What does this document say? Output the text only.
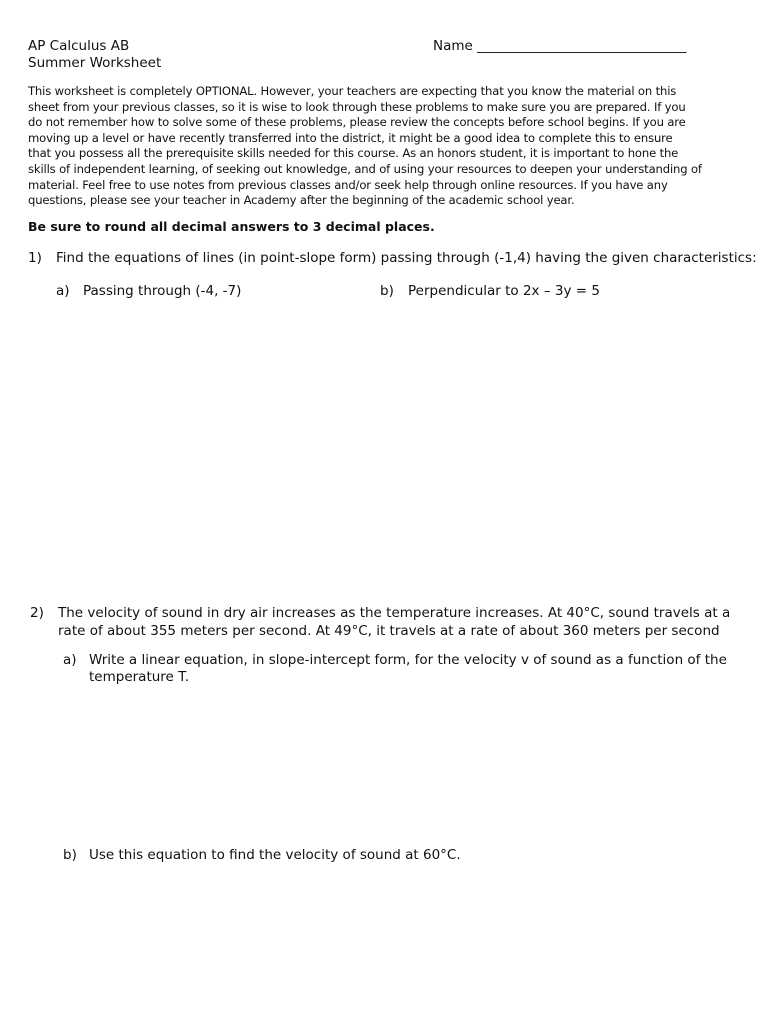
AP Calculus AB
Summer Worksheet
Name _______________________________

This worksheet is completely OPTIONAL. However, your teachers are expecting that you know the material on this

sheet from your previous classes, so it is wise to look through these problems to make sure you are prepared. If you

do not remember how to solve some of these problems, please review the concepts before school begins. If you are

moving up a level or have recently transferred into the district, it might be a good idea to complete this to ensure

that you possess all the prerequisite skills needed for this course. As an honors student, it is important to hone the

skills of independent learning, of seeking out knowledge, and of using your resources to deepen your understanding of

material. Feel free to use notes from previous classes and/or seek help through online resources. If you have any

questions, please see your teacher in Academy after the beginning of the academic school year.

Be sure to round all decimal answers to 3 decimal places.
1) Find the equations of lines (in point-slope form) passing through (-1,4) having the given characteristics:
a) Passing through (-4, -7)	b) Perpendicular to 2x – 3y = 5
2) The velocity of sound in dry air increases as the temperature increases. At 40°C, sound travels at a
rate of about 355 meters per second. At 49°C, it travels at a rate of about 360 meters per second
a) Write a linear equation, in slope-intercept form, for the velocity v of sound as a function of the
temperature T.
b) Use this equation to find the velocity of sound at 60°C.
